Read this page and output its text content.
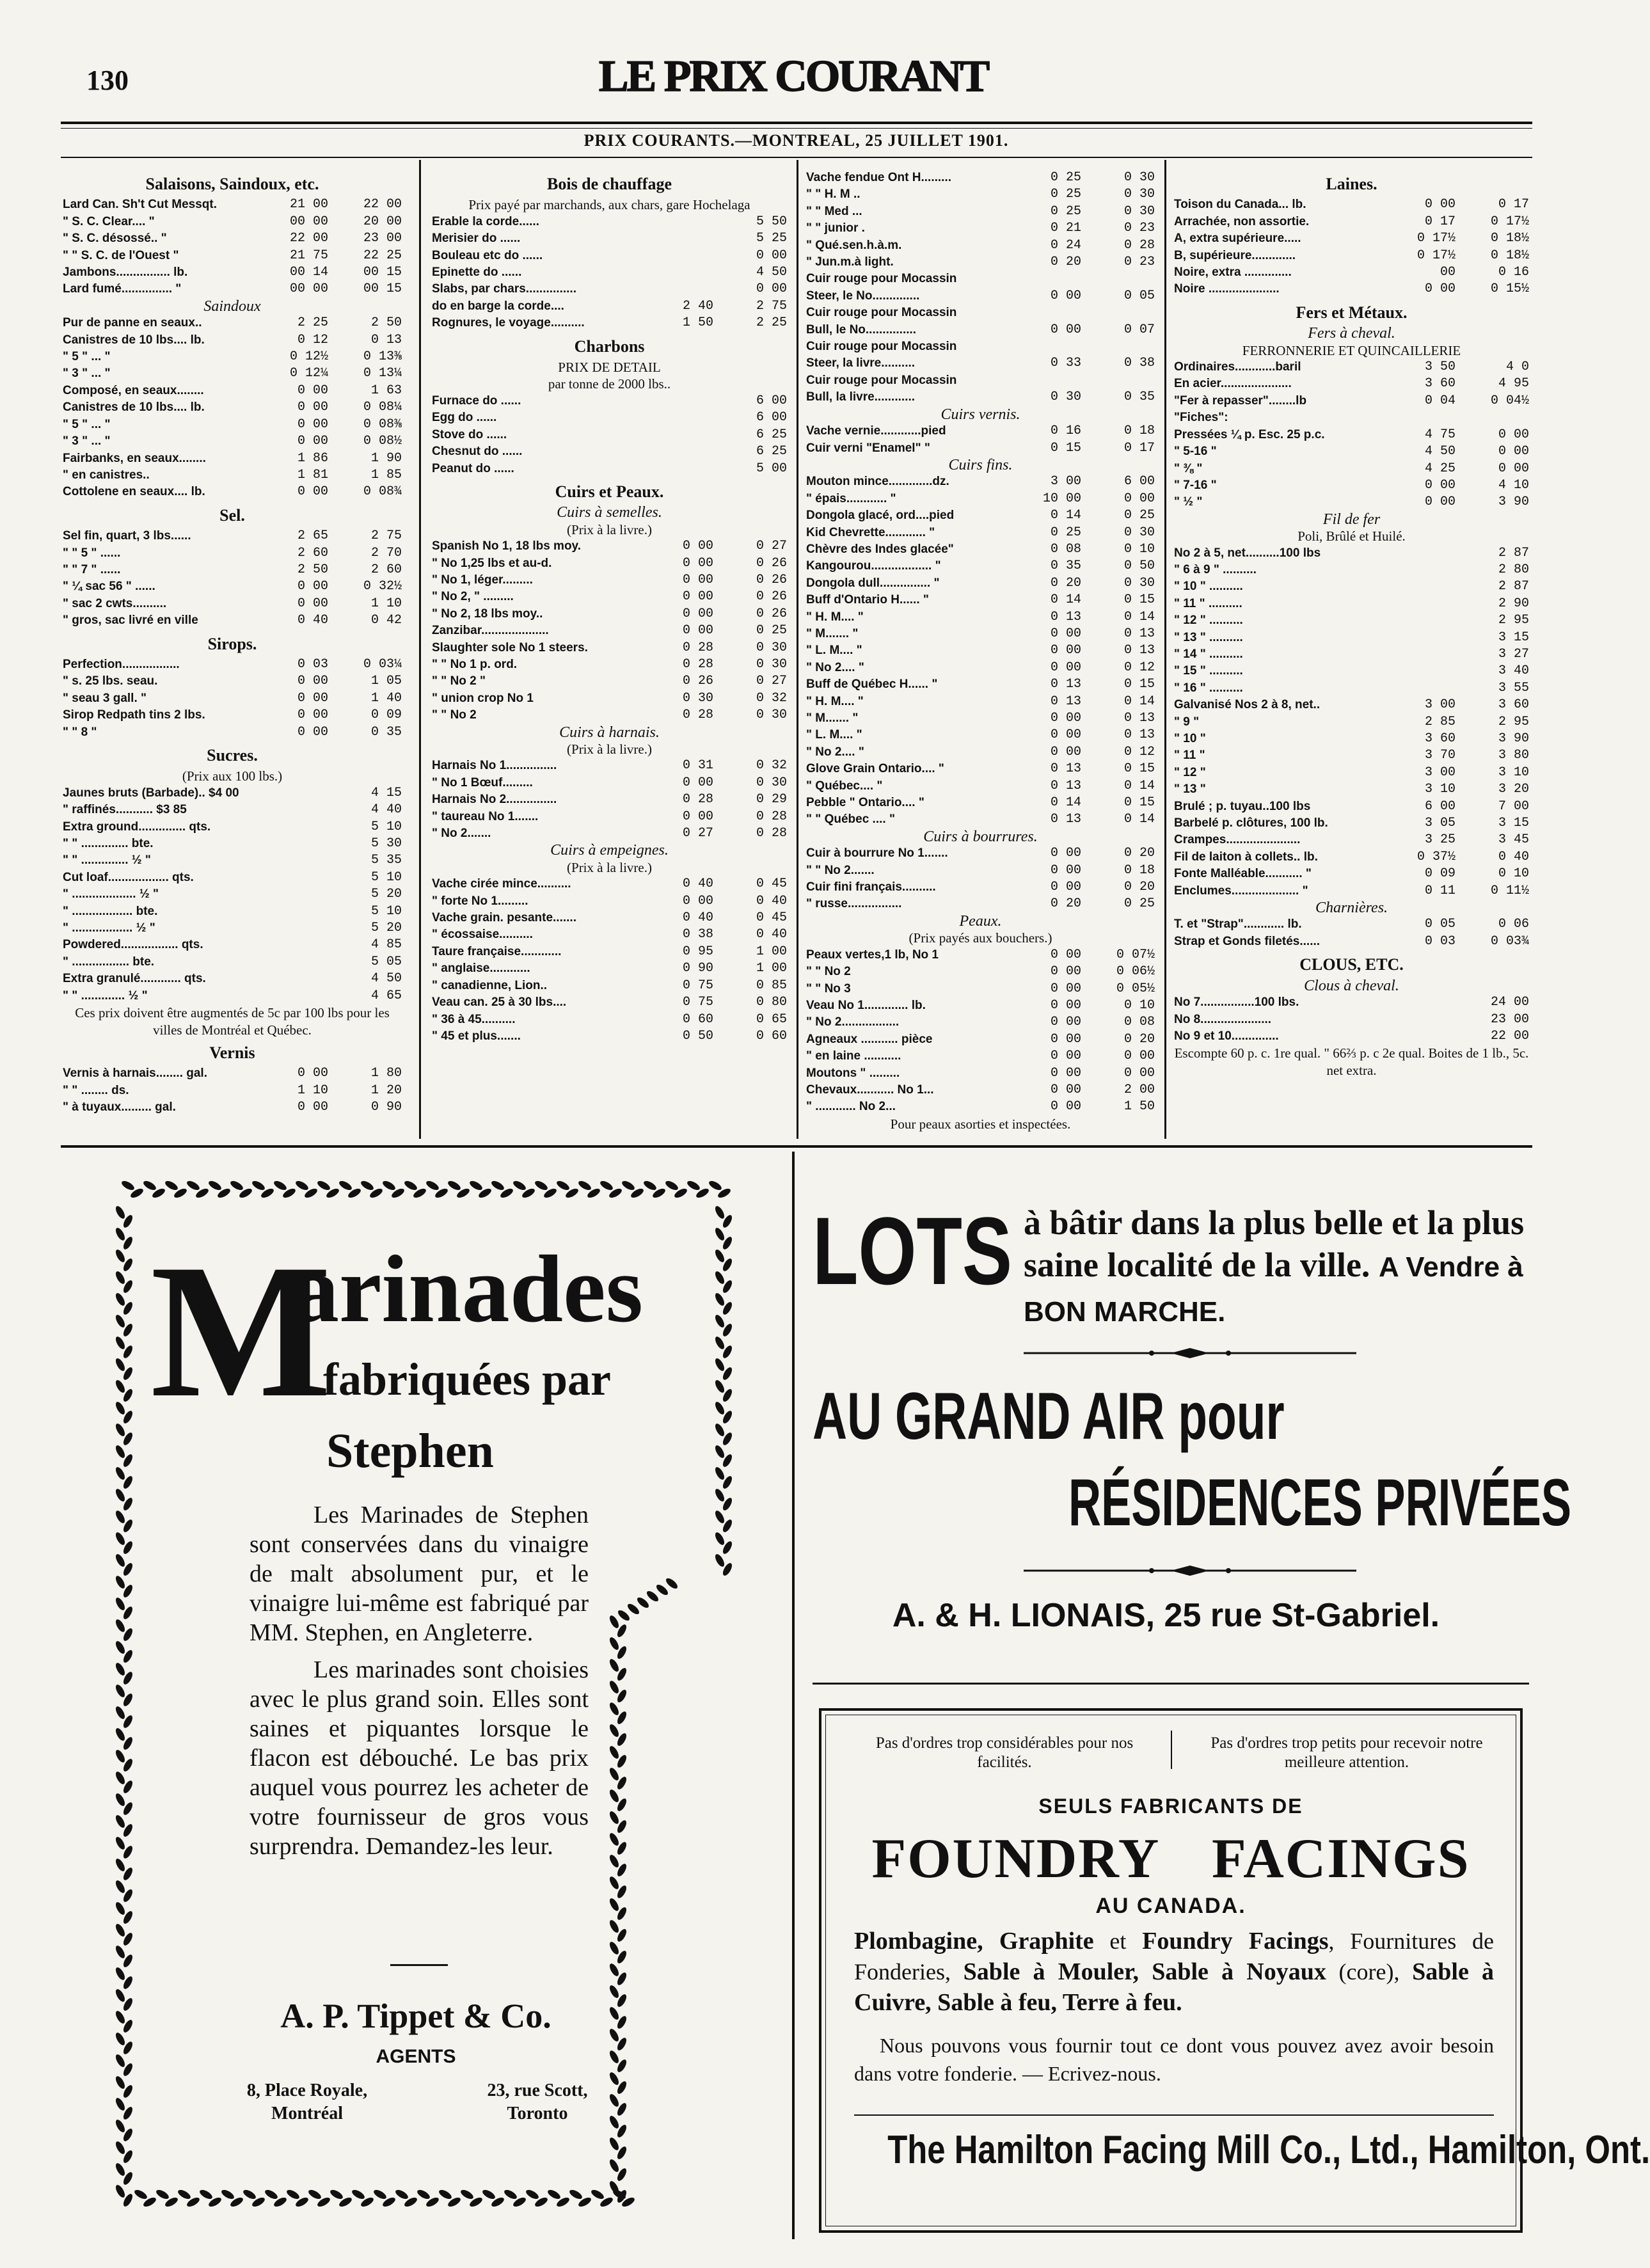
130	LE PRIX COURANT
PRIX COURANTS.—MONTREAL, 25 JUILLET 1901.
Salaisons, Saindoux, etc.
Lard Can. Sh't Cut Messqt.	21 00	22 00
" S. C. Clear.... "	00 00	20 00
" S. C. désossé.. "	22 00	23 00
" " S. C. de l'Ouest "	21 75	22 25
Jambons................ lb.	00 14	00 15
Lard fumé............... "	00 00	00 15
Saindoux
Pur de panne en seaux..	2 25	2 50
Canistres de 10 lbs.... lb.	0 12	0 13
" 5 " ... "	0 12½	0 13⅜
" 3 " ... "	0 12¼	0 13¼
Composé, en seaux........	0 00	1 63
Canistres de 10 lbs.... lb.	0 00	0 08¼
" 5 " ... "	0 00	0 08⅜
" 3 " ... "	0 00	0 08½
Fairbanks, en seaux........	1 86	1 90
" en canistres..	1 81	1 85
Cottolene en seaux.... lb.	0 00	0 08¾
Sel.
Sel fin, quart, 3 lbs......	2 65	2 75
" " 5 " ......	2 60	2 70
" " 7 " ......	2 50	2 60
" ¼ sac 56 " ......	0 00	0 32½
" sac 2 cwts..........	0 00	1 10
" gros, sac livré en ville	0 40	0 42
Sirops.
Perfection.................	0 03	0 03¼
" s. 25 lbs. seau.	0 00	1 05
" seau 3 gall. "	0 00	1 40
Sirop Redpath tins 2 lbs.	0 00	0 09
" " 8 "	0 00	0 35
Sucres.
(Prix aux 100 lbs.)
Jaunes bruts (Barbade).. $4 00	4 15
" raffinés........... $3 85	4 40
Extra ground.............. qts.	5 10
" " .............. bte.	5 30
" " .............. ½ "	5 35
Cut loaf.................. qts.	5 10
" ................... ½ "	5 20
" .................. bte.	5 10
" .................. ½ "	5 20
Powdered................. qts.	4 85
" ................. bte.	5 05
Extra granulé............ qts.	4 50
" " ............. ½ "	4 65
Ces prix doivent être augmentés de 5c par 100 lbs pour les villes de Montréal et Québec.
Vernis
Vernis à harnais........ gal.	0 00	1 80
" " ........ ds.	1 10	1 20
" à tuyaux......... gal.	0 00	0 90
Bois de chauffage
Prix payé par marchands, aux chars, gare Hochelaga
Erable la corde......	5 50
Merisier do ......	5 25
Bouleau etc do ......	0 00
Epinette do ......	4 50
Slabs, par chars...............	0 00
do en barge la corde....	2 40	2 75
Rognures, le voyage..........	1 50	2 25
Charbons
PRIX DE DETAIL
par tonne de 2000 lbs..
Furnace do ......	6 00
Egg do ......	6 00
Stove do ......	6 25
Chesnut do ......	6 25
Peanut do ......	5 00
Cuirs et Peaux.
Cuirs à semelles.
(Prix à la livre.)
Spanish No 1, 18 lbs moy.	0 00	0 27
" No 1,25 lbs et au-d.	0 00	0 26
" No 1, léger.........	0 00	0 26
" No 2, " .........	0 00	0 26
" No 2, 18 lbs moy..	0 00	0 26
Zanzibar....................	0 00	0 25
Slaughter sole No 1 steers.	0 28	0 30
" " No 1 p. ord.	0 28	0 30
" " No 2 "	0 26	0 27
" union crop No 1	0 30	0 32
" " No 2	0 28	0 30
Cuirs à harnais.
(Prix à la livre.)
Harnais No 1...............	0 31	0 32
" No 1 Bœuf.........	0 00	0 30
Harnais No 2...............	0 28	0 29
" taureau No 1.......	0 00	0 28
" No 2.......	0 27	0 28
Cuirs à empeignes.
(Prix à la livre.)
Vache cirée mince..........	0 40	0 45
" forte No 1.........	0 00	0 40
Vache grain. pesante.......	0 40	0 45
" écossaise..........	0 38	0 40
Taure française............	0 95	1 00
" anglaise............	0 90	1 00
" canadienne, Lion..	0 75	0 85
Veau can. 25 à 30 lbs....	0 75	0 80
" 36 à 45..........	0 60	0 65
" 45 et plus.......	0 50	0 60
Vache fendue Ont H.........	0 25	0 30
" " H. M ..	0 25	0 30
" " Med ...	0 25	0 30
" " junior .	0 21	0 23
" Qué.sen.h.à.m.	0 24	0 28
" Jun.m.à light.	0 20	0 23
Cuir rouge pour Mocassin
Steer, le No..............	0 00	0 05
Cuir rouge pour Mocassin
Bull, le No...............	0 00	0 07
Cuir rouge pour Mocassin
Steer, la livre..........	0 33	0 38
Cuir rouge pour Mocassin
Bull, la livre............	0 30	0 35
Cuirs vernis.
Vache vernie............pied	0 16	0 18
Cuir verni "Enamel" "	0 15	0 17
Cuirs fins.
Mouton mince.............dz.	3 00	6 00
" épais............ "	10 00	0 00
Dongola glacé, ord....pied	0 14	0 25
Kid Chevrette............ "	0 25	0 30
Chèvre des Indes glacée"	0 08	0 10
Kangourou.................. "	0 35	0 50
Dongola dull............... "	0 20	0 30
Buff d'Ontario H...... "	0 14	0 15
" H. M.... "	0 13	0 14
" M....... "	0 00	0 13
" L. M.... "	0 00	0 13
" No 2.... "	0 00	0 12
Buff de Québec H...... "	0 13	0 15
" H. M.... "	0 13	0 14
" M....... "	0 00	0 13
" L. M.... "	0 00	0 13
" No 2.... "	0 00	0 12
Glove Grain Ontario.... "	0 13	0 15
" Québec.... "	0 13	0 14
Pebble " Ontario.... "	0 14	0 15
" " Québec .... "	0 13	0 14
Cuirs à bourrures.
Cuir à bourrure No 1.......	0 00	0 20
" " No 2.......	0 00	0 18
Cuir fini français..........	0 00	0 20
" russe................	0 20	0 25
Peaux.
(Prix payés aux bouchers.)
Peaux vertes,1 lb, No 1	0 00	0 07½
" " No 2	0 00	0 06½
" " No 3	0 00	0 05½
Veau No 1............. lb.	0 00	0 10
" No 2.................	0 00	0 08
Agneaux ........... pièce	0 00	0 20
" en laine ...........	0 00	0 00
Moutons " .........	0 00	0 00
Chevaux........... No 1...	0 00	2 00
" ............ No 2...	0 00	1 50
Pour peaux asorties et inspectées.
Laines.
Toison du Canada... lb.	0 00	0 17
Arrachée, non assortie.	0 17	0 17½
A, extra supérieure.....	0 17½	0 18½
B, supérieure.............	0 17½	0 18½
Noire, extra ..............	00	0 16
Noire .....................	0 00	0 15½
Fers et Métaux.
Fers à cheval.
FERRONNERIE ET QUINCAILLERIE
Ordinaires............baril	3 50	4 0
En acier.....................	3 60	4 95
"Fer à repasser"........lb	0 04	0 04½
"Fiches":
Pressées ¼ p. Esc. 25 p.c.	4 75	0 00
" 5-16 "	4 50	0 00
" ⅜ "	4 25	0 00
" 7-16 "	0 00	4 10
" ½ "	0 00	3 90
Fil de fer
Poli, Brûlé et Huilé.
No 2 à 5, net..........100 lbs	2 87
" 6 à 9 " ..........	2 80
" 10 " ..........	2 87
" 11 " ..........	2 90
" 12 " ..........	2 95
" 13 " ..........	3 15
" 14 " ..........	3 27
" 15 " ..........	3 40
" 16 " ..........	3 55
Galvanisé Nos 2 à 8, net..	3 00	3 60
" 9 "	2 85	2 95
" 10 "	3 60	3 90
" 11 "	3 70	3 80
" 12 "	3 00	3 10
" 13 "	3 10	3 20
Brulé ; p. tuyau..100 lbs	6 00	7 00
Barbelé p. clôtures, 100 lb.	3 05	3 15
Crampes......................	3 25	3 45
Fil de laiton à collets.. lb.	0 37½	0 40
Fonte Malléable........... "	0 09	0 10
Enclumes.................... "	0 11	0 11½
Charnières.
T. et "Strap"............ lb.	0 05	0 06
Strap et Gonds filetés......	0 03	0 03¾
CLOUS, ETC.
Clous à cheval.
No 7................100 lbs.	24 00
No 8.....................	23 00
No 9 et 10..............	22 00
Escompte 60 p. c. 1re qual. " 66⅔ p. c 2e qual. Boites de 1 lb., 5c. net extra.
M
arinades
fabriquées par
Stephen

Les Marinades de Stephen sont conservées dans du vinaigre de malt absolument pur, et le vinaigre lui-même est fabriqué par MM. Stephen, en Angleterre.

Les marinades sont choisies avec le plus grand soin. Elles sont saines et piquantes lorsque le flacon est débouché. Le bas prix auquel vous pourrez les acheter de votre fournisseur de gros vous surprendra. Demandez-les leur.

A. P. Tippet & Co.
AGENTS
8, Place Royale,
Montréal
23, rue Scott,
Toronto
LOTS à bâtir dans la plus belle et la plus saine localité de la ville. A Vendre à BON MARCHE.
AU GRAND AIR pour
RÉSIDENCES PRIVÉES
A. & H. LIONAIS, 25 rue St-Gabriel.
Pas d'ordres trop considérables pour nos facilités.
Pas d'ordres trop petits pour recevoir notre meilleure attention.
SEULS FABRICANTS DE
FOUNDRY FACINGS
AU CANADA.
Plombagine, Graphite et Foundry Facings, Fournitures de Fonderies, Sable à Mouler, Sable à Noyaux (core), Sable à Cuivre, Sable à feu, Terre à feu.
Nous pouvons vous fournir tout ce dont vous pouvez avez avoir besoin dans votre fonderie. — Ecrivez-nous.
The Hamilton Facing Mill Co., Ltd., Hamilton, Ont.
